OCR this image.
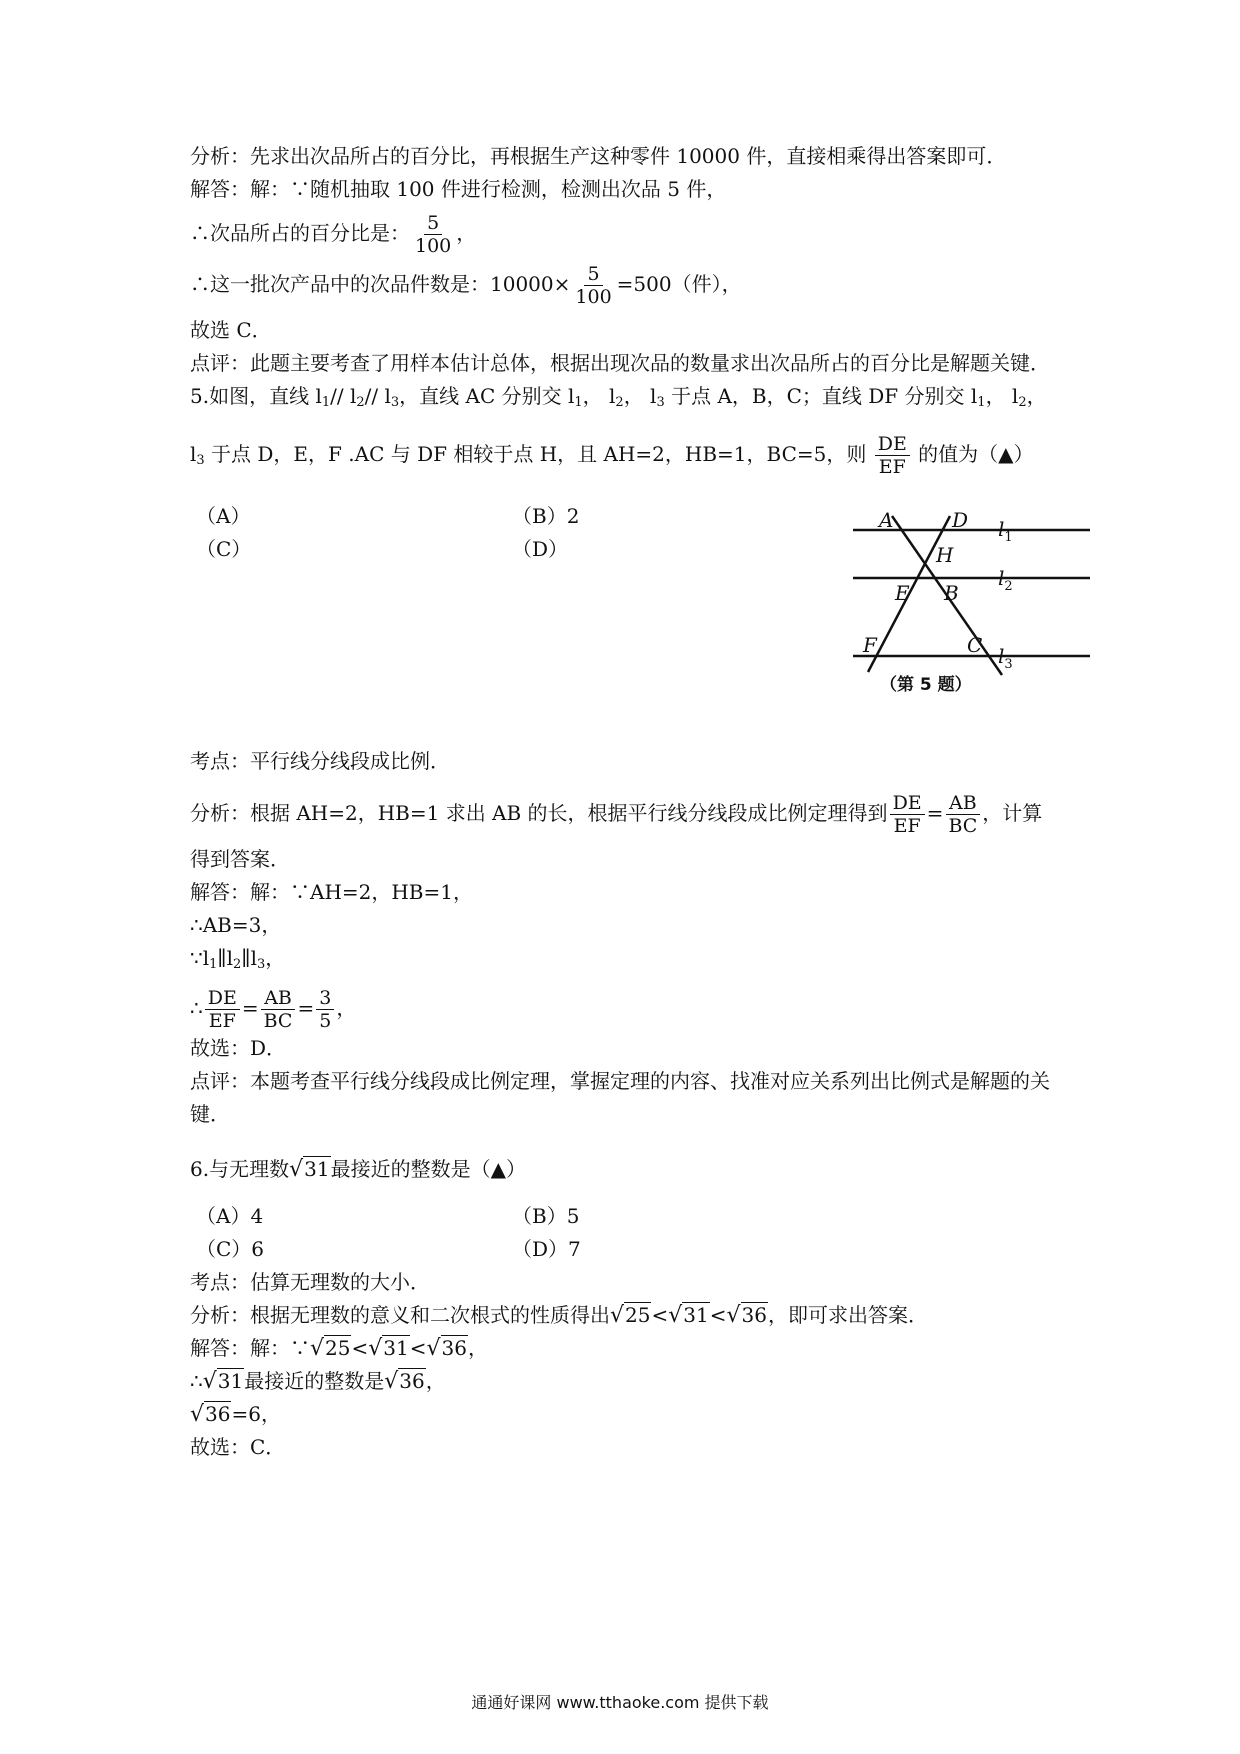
分析：先求出次品所占的百分比，再根据生产这种零件 10000 件，直接相乘得出答案即可．
解答：解：∵随机抽取 100 件进行检测，检测出次品 5 件，
∴次品所占的百分比是： $\frac{5}{100}$ ，
∴这一批次产品中的次品件数是：$10000\times \frac{5}{100} =500$（件），
故选 C．
点评：此题主要考查了用样本估计总体，根据出现次品的数量求出次品所占的百分比是解题关键．
5.如图，直线 $l_1//$ $l_2//$ $l_3$，直线 AC 分别交 $l_1$， $l_2$， $l_3$ 于点 A，B，C；直线 DF 分别交 $l_1$， $l_2$，
$l_3$ 于点 D，E，F .AC 与 DF 相较于点 H，且 AH=2，HB=1，BC=5，则 $\frac{DE}{EF}$ 的值为（▲）
（A）	（B）2
（C）	（D）
A	D
H
E B
F	C
$l_1$
$l_2$
$l_3$
（第 5 题）
考点：平行线分线段成比例．
分析：根据 AH=2，HB=1 求出 AB 的长，根据平行线分线段成比例定理得到 $\frac{DE}{EF} = \frac{AB}{BC}$ ，计算
得到答案．
解答：解：∵AH=2，HB=1，
∴AB=3，
$\because l_1\parallel l_2\parallel l_3$，
∴ $\frac{DE}{EF} = \frac{AB}{BC} = \frac{3}{5}$ ，
故选：D．
点评：本题考查平行线分线段成比例定理，掌握定理的内容、找准对应关系列出比例式是解题的关键．
6.与无理数√31最接近的整数是（▲）
（A）4	（B）5
（C）6	（D）7
考点：估算无理数的大小．
分析：根据无理数的意义和二次根式的性质得出√25<√31<√36，即可求出答案．
解答：解：∵√25<√31<√36，
∴√31最接近的整数是√36，
√36=6，
故选：C．
通通好课网 www.tthaoke.com 提供下载
